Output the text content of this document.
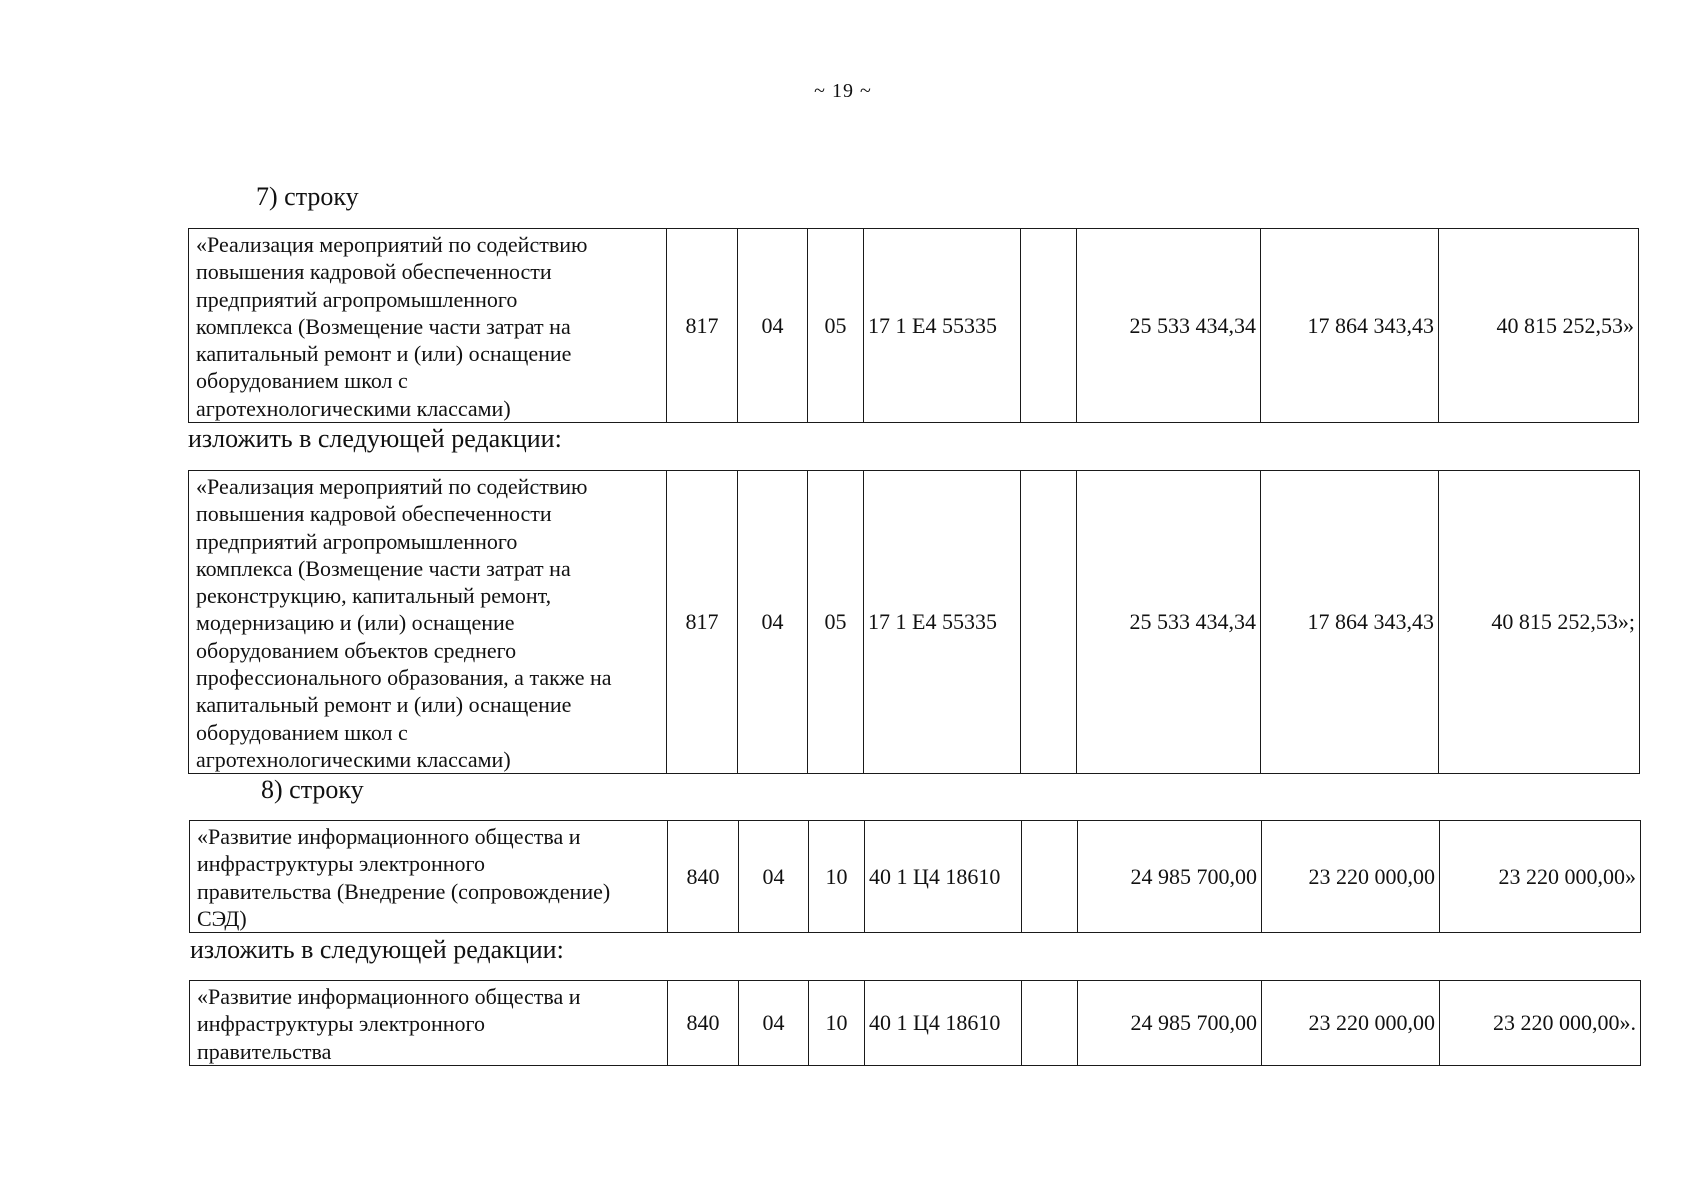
~ 19 ~
7) строку
«Реализация мероприятий по содействию
повышения кадровой обеспеченности
предприятий агропромышленного
комплекса (Возмещение части затрат на
капитальный ремонт и (или) оснащение
оборудованием школ с
агротехнологическими классами)
	817	04	05	17 1 E4 55335		25 533 434,34	17 864 343,43	40 815 252,53»
изложить в следующей редакции:
«Реализация мероприятий по содействию
повышения кадровой обеспеченности
предприятий агропромышленного
комплекса (Возмещение части затрат на
реконструкцию, капитальный ремонт,
модернизацию и (или) оснащение
оборудованием объектов среднего
профессионального образования, а также на
капитальный ремонт и (или) оснащение
оборудованием школ с
агротехнологическими классами)
	817	04	05	17 1 E4 55335		25 533 434,34	17 864 343,43	40 815 252,53»;
8) строку
«Развитие информационного общества и
инфраструктуры электронного
правительства (Внедрение (сопровождение)
СЭД)
	840	04	10	40 1 Ц4 18610		24 985 700,00	23 220 000,00	23 220 000,00»
изложить в следующей редакции:
«Развитие информационного общества и
инфраструктуры электронного
правительства
	840	04	10	40 1 Ц4 18610		24 985 700,00	23 220 000,00	23 220 000,00».
